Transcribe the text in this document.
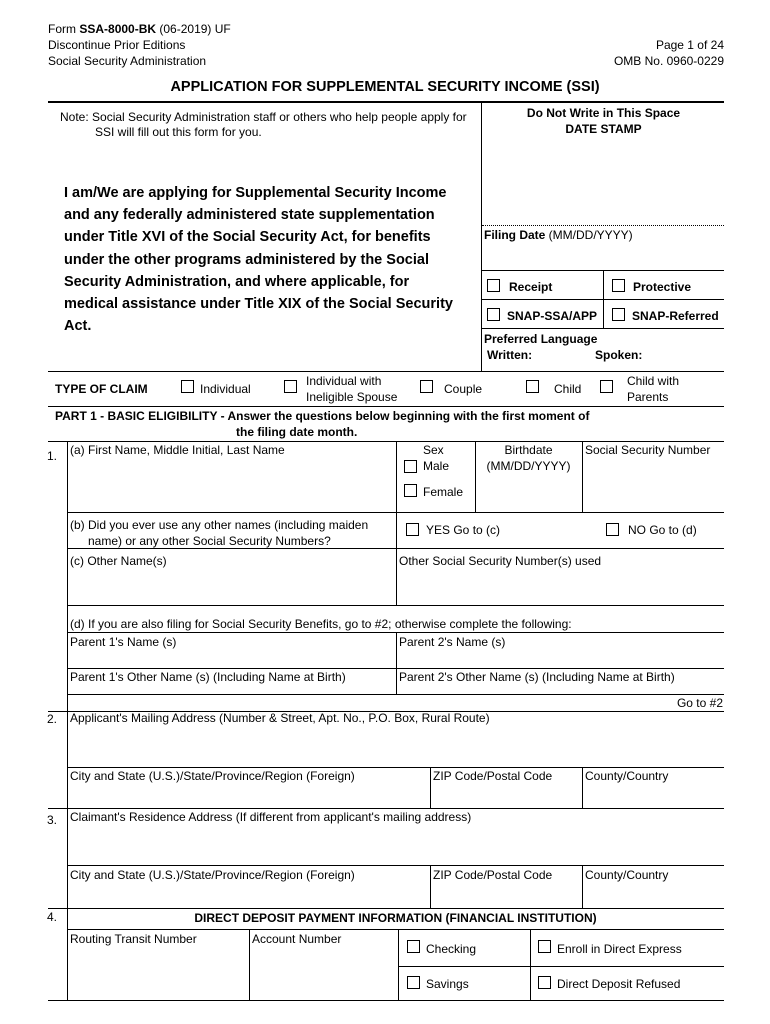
Form SSA-8000-BK (06-2019) UF
Discontinue Prior Editions
Social Security Administration
Page 1 of 24
OMB No. 0960-0229
APPLICATION FOR SUPPLEMENTAL SECURITY INCOME (SSI)
Note: Social Security Administration staff or others who help people apply for SSI will fill out this form for you.
I am/We are applying for Supplemental Security Income and any federally administered state supplementation under Title XVI of the Social Security Act, for benefits under the other programs administered by the Social Security Administration, and where applicable, for medical assistance under Title XIX of the Social Security Act.
Do Not Write in This Space
DATE STAMP
Filing Date (MM/DD/YYYY)
Receipt	Protective
SNAP-SSA/APP	SNAP-Referred
Preferred Language
Written:	Spoken:
TYPE OF CLAIM	Individual
Individual with
Ineligible Spouse
Couple	Child
Child with
Parents
PART 1 - BASIC ELIGIBILITY - Answer the questions below beginning with the first moment of
the filing date month.
1. (a) First Name, Middle Initial, Last Name	Sex
Male
Female
Birthdate
(MM/DD/YYYY)
Social Security Number
(b) Did you ever use any other names (including maiden
name) or any other Social Security Numbers?
YES Go to (c)	NO Go to (d)
(c) Other Name(s)	Other Social Security Number(s) used
(d) If you are also filing for Social Security Benefits, go to #2; otherwise complete the following:
Parent 1's Name (s)	Parent 2's Name (s)
Parent 1's Other Name (s) (Including Name at Birth)	Parent 2's Other Name (s) (Including Name at Birth)
Go to #2
2. Applicant's Mailing Address (Number & Street, Apt. No., P.O. Box, Rural Route)
City and State (U.S.)/State/Province/Region (Foreign)	ZIP Code/Postal Code	County/Country
3. Claimant's Residence Address (If different from applicant's mailing address)
City and State (U.S.)/State/Province/Region (Foreign)	ZIP Code/Postal Code	County/Country
4.	DIRECT DEPOSIT PAYMENT INFORMATION (FINANCIAL INSTITUTION)
Routing Transit Number	Account Number
Checking	Enroll in Direct Express
Savings	Direct Deposit Refused
